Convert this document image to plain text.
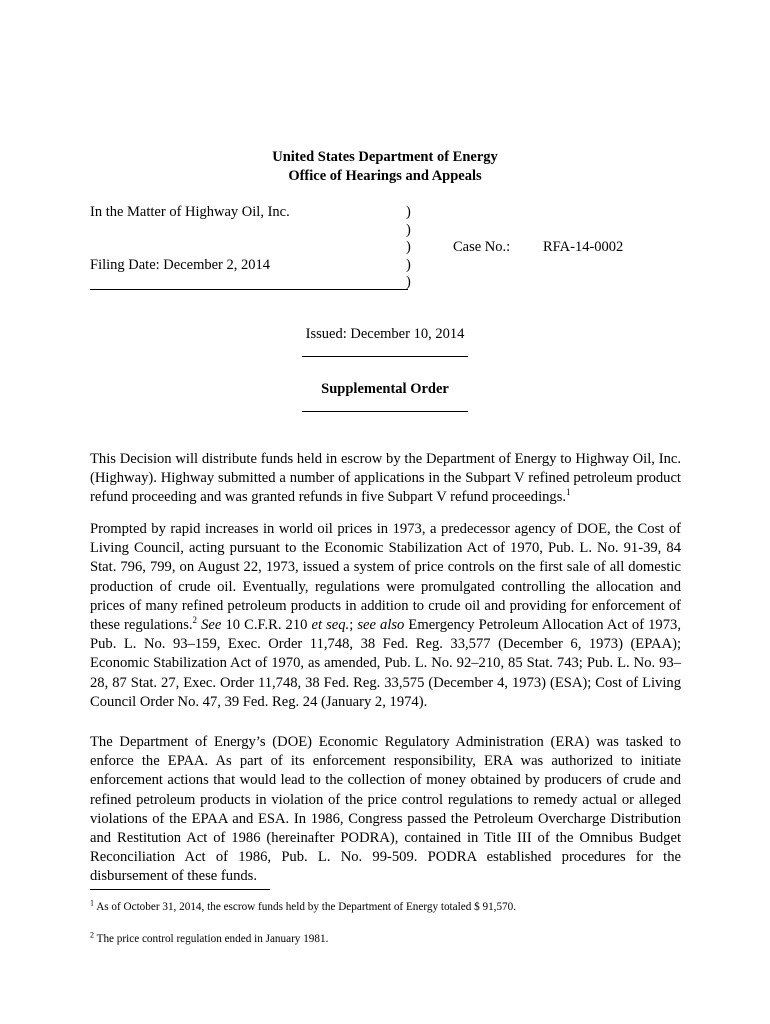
United States Department of Energy
Office of Hearings and Appeals
In the Matter of Highway Oil, Inc.
Filing Date: December 2, 2014
)
)
)
)
)
Case No.: RFA-14-0002
Issued: December 10, 2014
Supplemental Order
This Decision will distribute funds held in escrow by the Department of Energy to Highway Oil, Inc. (Highway). Highway submitted a number of applications in the Subpart V refined petroleum product refund proceeding and was granted refunds in five Subpart V refund proceedings.$^1$
Prompted by rapid increases in world oil prices in 1973, a predecessor agency of DOE, the Cost of Living Council, acting pursuant to the Economic Stabilization Act of 1970, Pub. L. No. 91-39, 84 Stat. 796, 799, on August 22, 1973, issued a system of price controls on the first sale of all domestic production of crude oil. Eventually, regulations were promulgated controlling the allocation and prices of many refined petroleum products in addition to crude oil and providing for enforcement of these regulations.$^2$ See 10 C.F.R. 210 et seq.; see also Emergency Petroleum Allocation Act of 1973, Pub. L. No. 93–159, Exec. Order 11,748, 38 Fed. Reg. 33,577 (December 6, 1973) (EPAA); Economic Stabilization Act of 1970, as amended, Pub. L. No. 92–210, 85 Stat. 743; Pub. L. No. 93–28, 87 Stat. 27, Exec. Order 11,748, 38 Fed. Reg. 33,575 (December 4, 1973) (ESA); Cost of Living Council Order No. 47, 39 Fed. Reg. 24 (January 2, 1974).
The Department of Energy’s (DOE) Economic Regulatory Administration (ERA) was tasked to enforce the EPAA. As part of its enforcement responsibility, ERA was authorized to initiate enforcement actions that would lead to the collection of money obtained by producers of crude and refined petroleum products in violation of the price control regulations to remedy actual or alleged violations of the EPAA and ESA. In 1986, Congress passed the Petroleum Overcharge Distribution and Restitution Act of 1986 (hereinafter PODRA), contained in Title III of the Omnibus Budget Reconciliation Act of 1986, Pub. L. No. 99-509. PODRA established procedures for the disbursement of these funds.
$^1$ As of October 31, 2014, the escrow funds held by the Department of Energy totaled $ 91,570.
$^2$ The price control regulation ended in January 1981.
